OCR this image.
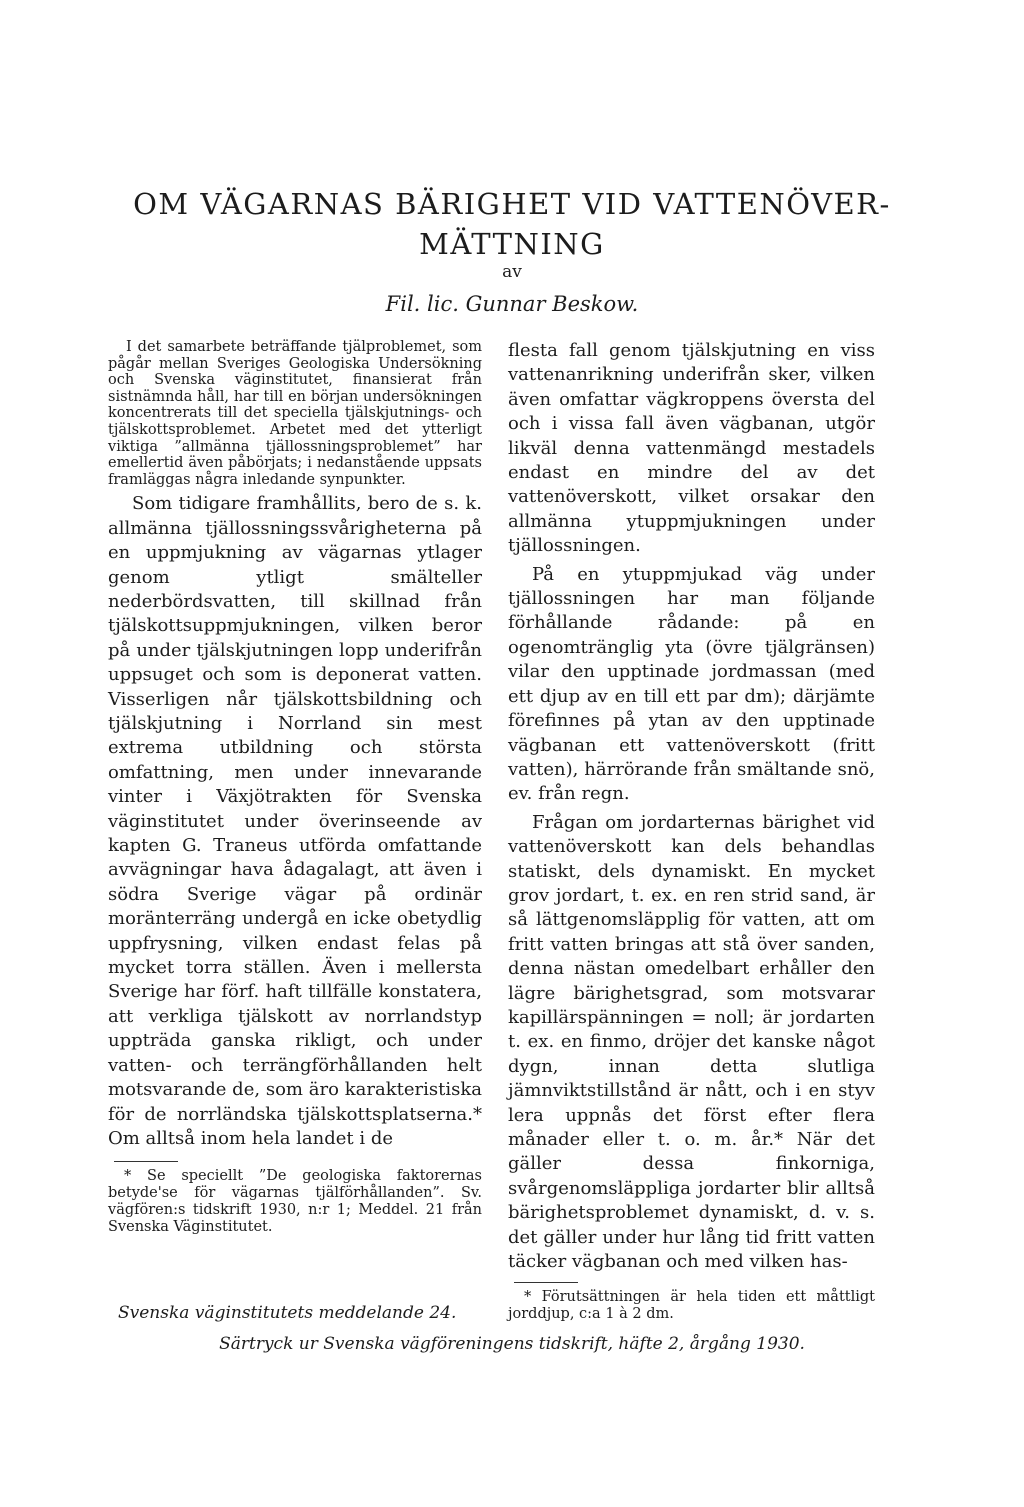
OM VÄGARNAS BÄRIGHET VID VATTENÖVER-
MÄTTNING

av

Fil. lic. Gunnar Beskow.

I det samarbete beträffande tjälproblemet, som pågår mellan Sveriges Geologiska Undersökning och Svenska väginstitutet, finansierat från sistnämnda håll, har till en början undersökningen koncentrerats till det speciella tjälskjutnings- och tjälskottsproblemet. Arbetet med det ytterligt viktiga ”allmänna tjällossningsproblemet” har emellertid även påbörjats; i nedanstående uppsats framläggas några inledande synpunkter.

Som tidigare framhållits, bero de s. k. allmänna tjällossningssvårigheterna på en uppmjukning av vägarnas ytlager genom ytligt smältеller nederbördsvatten, till skillnad från tjälskottsuppmjukningen, vilken beror på under tjälskjutningen lopp underifrån uppsuget och som is deponerat vatten. Visserligen når tjälskottsbildning och tjälskjutning i Norrland sin mest extrema utbildning och största omfattning, men under innevarande vinter i Växjötrakten för Svenska väginstitutet under överinseende av kapten G. Traneus utförda omfattande avvägningar hava ådagalagt, att även i södra Sverige vägar på ordinär moränterräng undergå en icke obetydlig uppfrysning, vilken endast felas på mycket torra ställen. Även i mellersta Sverige har förf. haft tillfälle konstatera, att verkliga tjälskott av norrlandstyp uppträda ganska rikligt, och under vatten- och terrängförhållanden helt motsvarande de, som äro karakteristiska för de norrländska tjälskottsplatserna.* Om alltså inom hela landet i de

* Se speciellt ”De geologiska faktorernas betyde'se för vägarnas tjälförhållanden”. Sv. vägfören:s tidskrift 1930, n:r 1; Meddel. 21 från Svenska Väginstitutet.

flesta fall genom tjälskjutning en viss vattenanrikning underifrån sker, vilken även omfattar vägkroppens översta del och i vissa fall även vägbanan, utgör likväl denna vattenmängd mestadels endast en mindre del av det vattenöverskott, vilket orsakar den allmänna ytuppmjukningen under tjällossningen.

På en ytuppmjukad väg under tjällossningen har man följande förhållande rådande: på en ogenomtränglig yta (övre tjälgränsen) vilar den upptinade jordmassan (med ett djup av en till ett par dm); därjämte förefinnes på ytan av den upptinade vägbanan ett vattenöverskott (fritt vatten), härrörande från smältande snö, ev. från regn.

Frågan om jordarternas bärighet vid vattenöverskott kan dels behandlas statiskt, dels dynamiskt. En mycket grov jordart, t. ex. en ren strid sand, är så lättgenomsläpplig för vatten, att om fritt vatten bringas att stå över sanden, denna nästan omedelbart erhåller den lägre bärighetsgrad, som motsvarar kapillärspänningen = noll; är jordarten t. ex. en finmo, dröjer det kanske något dygn, innan detta slutliga jämnviktstillstånd är nått, och i en styv lera uppnås det först efter flera månader eller t. o. m. år.* När det gäller dessa finkorniga, svårgenomsläppliga jordarter blir alltså bärighetsproblemet dynamiskt, d. v. s. det gäller under hur lång tid fritt vatten täcker vägbanan och med vilken has-

* Förutsättningen är hela tiden ett måttligt jorddjup, c:a 1 à 2 dm.

Svenska väginstitutets meddelande 24.

Särtryck ur Svenska vägföreningens tidskrift, häfte 2, årgång 1930.
